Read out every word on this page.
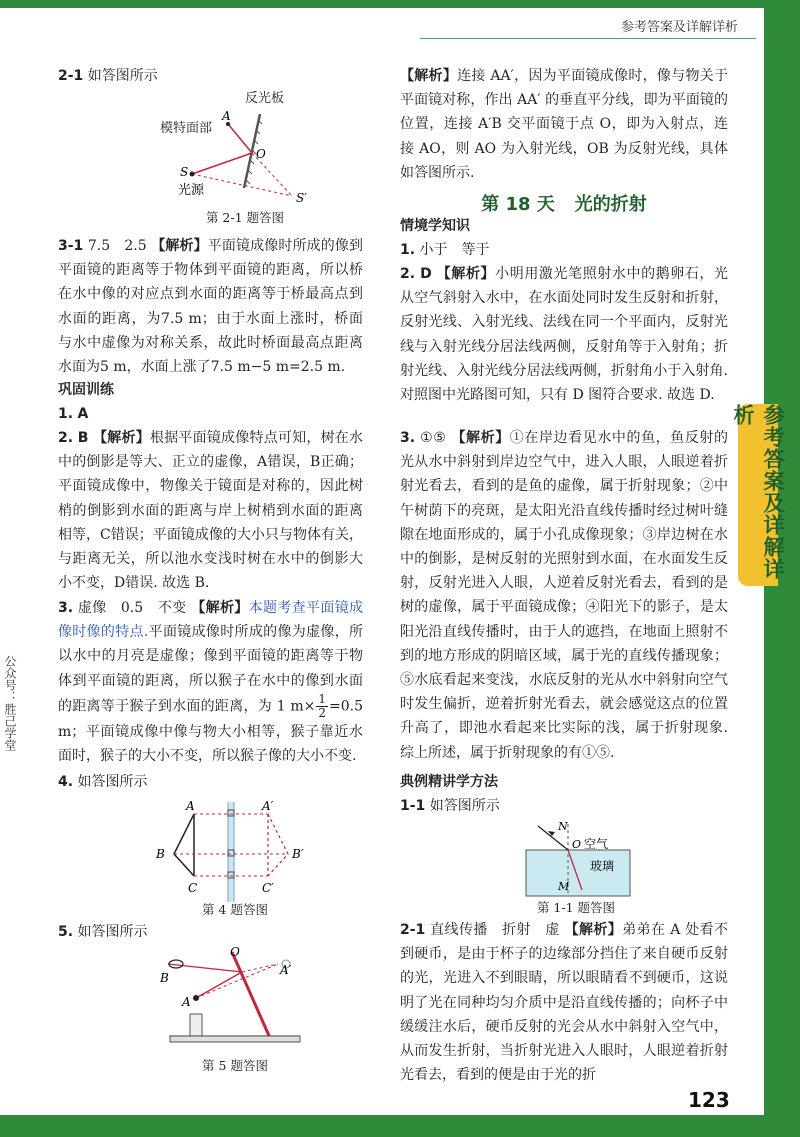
参考答案及详解详析
参考答案及详解详析
公众号：胜己学堂
123
2-1 如答图所示
反光板
模特面部
A
O
S
光源	S′
第 2-1 题答图
3-1 7.5　2.5 【解析】平面镜成像时所成的像到平面镜的距离等于物体到平面镜的距离，所以桥在水中像的对应点到水面的距离等于桥最高点到水面的距离，为7.5 m；由于水面上涨时，桥面与水中虚像为对称关系，故此时桥面最高点距离水面为5 m，水面上涨了7.5 m−5 m=2.5 m.
巩固训练
1. A
2. B 【解析】根据平面镜成像特点可知，树在水中的倒影是等大、正立的虚像，A错误，B正确；平面镜成像中，物像关于镜面是对称的，因此树梢的倒影到水面的距离与岸上树梢到水面的距离相等，C错误；平面镜成像的大小只与物体有关，与距离无关，所以池水变浅时树在水中的倒影大小不变，D错误. 故选 B.
3. 虚像　0.5　不变 【解析】本题考查平面镜成像时像的特点.平面镜成像时所成的像为虚像，所以水中的月亮是虚像；像到平面镜的距离等于物体到平面镜的距离，所以猴子在水中的像到水面的距离等于猴子到水面的距离，为 1 $m\times \frac{1}{2} =0.5$ m；平面镜成像中像与物大小相等，猴子靠近水面时，猴子的大小不变，所以猴子像的大小不变.
4. 如答图所示
A	A′
B	B′
C	C′
第 4 题答图
5. 如答图所示
O
A′
B
A
第 5 题答图
【解析】连接 AA′，因为平面镜成像时，像与物关于平面镜对称，作出 AA′ 的垂直平分线，即为平面镜的位置，连接 A′B 交平面镜于点 O，即为入射点，连接 AO，则 AO 为入射光线，OB 为反射光线，具体如答图所示.
第 18 天 光的折射
情境学知识
1. 小于　等于
2. D 【解析】小明用激光笔照射水中的鹅卵石，光从空气斜射入水中，在水面处同时发生反射和折射，反射光线、入射光线、法线在同一个平面内，反射光线与入射光线分居法线两侧，反射角等于入射角；折射光线、入射光线分居法线两侧，折射角小于入射角. 对照图中光路图可知，只有 D 图符合要求. 故选 D.
3. ①⑤ 【解析】①在岸边看见水中的鱼，鱼反射的光从水中斜射到岸边空气中，进入人眼，人眼逆着折射光看去，看到的是鱼的虚像，属于折射现象；②中午树荫下的亮斑，是太阳光沿直线传播时经过树叶缝隙在地面形成的，属于小孔成像现象；③岸边树在水中的倒影，是树反射的光照射到水面，在水面发生反射，反射光进入人眼，人逆着反射光看去，看到的是树的虚像，属于平面镜成像；④阳光下的影子，是太阳光沿直线传播时，由于人的遮挡，在地面上照射不到的地方形成的阴暗区域，属于光的直线传播现象；⑤水底看起来变浅，水底反射的光从水中斜射向空气时发生偏折，逆着折射光看去，就会感觉这点的位置升高了，即池水看起来比实际的浅，属于折射现象. 综上所述，属于折射现象的有①⑤.
典例精讲学方法
1-1 如答图所示
N
O 空气
玻璃
M
第 1-1 题答图
2-1 直线传播　折射　虚 【解析】弟弟在 A 处看不到硬币，是由于杯子的边缘部分挡住了来自硬币反射的光，光进入不到眼睛，所以眼睛看不到硬币，这说明了光在同种均匀介质中是沿直线传播的；向杯子中缓缓注水后，硬币反射的光会从水中斜射入空气中，从而发生折射，当折射光进入人眼时，人眼逆着折射光看去，看到的便是由于光的折
